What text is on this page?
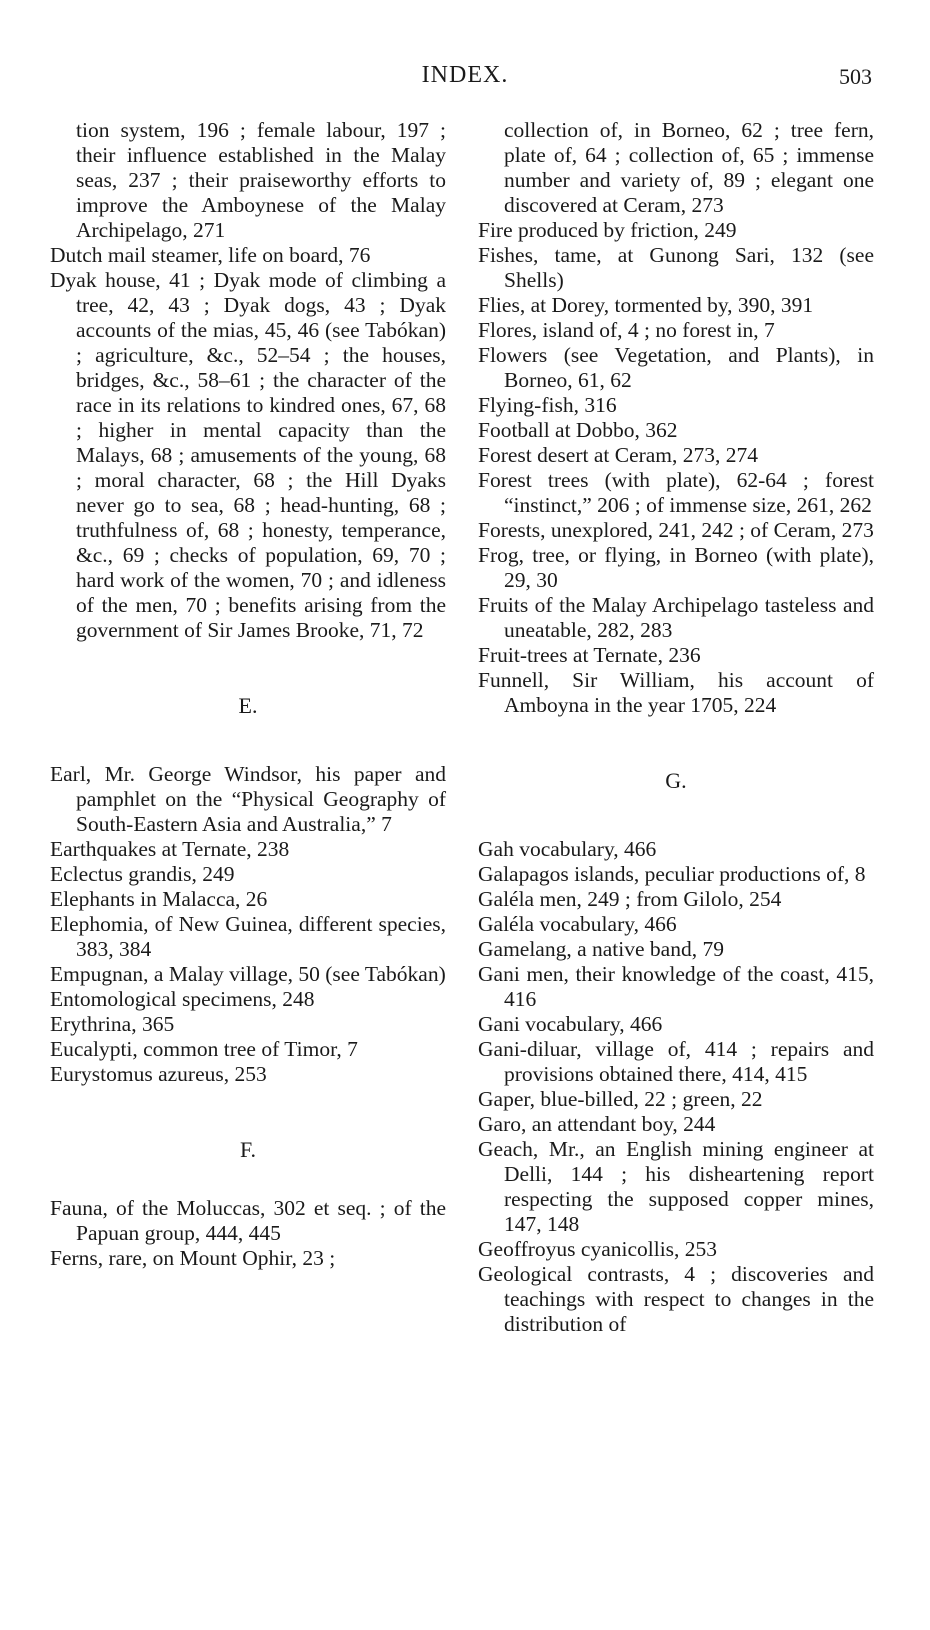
INDEX.	503

tion system, 196 ; female labour, 197 ; their influence established in the Malay seas, 237 ; their praiseworthy efforts to improve the Amboynese of the Malay Archipelago, 271

Dutch mail steamer, life on board, 76

Dyak house, 41 ; Dyak mode of climbing a tree, 42, 43 ; Dyak dogs, 43 ; Dyak accounts of the mias, 45, 46 (see Tabókan) ; agriculture, &c., 52–54 ; the houses, bridges, &c., 58–61 ; the character of the race in its relations to kindred ones, 67, 68 ; higher in mental capacity than the Malays, 68 ; amusements of the young, 68 ; moral character, 68 ; the Hill Dyaks never go to sea, 68 ; head-hunting, 68 ; truthfulness of, 68 ; honesty, temperance, &c., 69 ; checks of population, 69, 70 ; hard work of the women, 70 ; and idleness of the men, 70 ; benefits arising from the government of Sir James Brooke, 71, 72

E.

Earl, Mr. George Windsor, his paper and pamphlet on the “Physical Geography of South-Eastern Asia and Australia,” 7

Earthquakes at Ternate, 238

Eclectus grandis, 249

Elephants in Malacca, 26

Elephomia, of New Guinea, different species, 383, 384

Empugnan, a Malay village, 50 (see Tabókan)

Entomological specimens, 248

Erythrina, 365

Eucalypti, common tree of Timor, 7

Eurystomus azureus, 253

F.

Fauna, of the Moluccas, 302 et seq. ; of the Papuan group, 444, 445

Ferns, rare, on Mount Ophir, 23 ;

collection of, in Borneo, 62 ; tree fern, plate of, 64 ; collection of, 65 ; immense number and variety of, 89 ; elegant one discovered at Ceram, 273

Fire produced by friction, 249

Fishes, tame, at Gunong Sari, 132 (see Shells)

Flies, at Dorey, tormented by, 390, 391

Flores, island of, 4 ; no forest in, 7

Flowers (see Vegetation, and Plants), in Borneo, 61, 62

Flying-fish, 316

Football at Dobbo, 362

Forest desert at Ceram, 273, 274

Forest trees (with plate), 62-64 ; forest “instinct,” 206 ; of immense size, 261, 262

Forests, unexplored, 241, 242 ; of Ceram, 273

Frog, tree, or flying, in Borneo (with plate), 29, 30

Fruits of the Malay Archipelago tasteless and uneatable, 282, 283

Fruit-trees at Ternate, 236

Funnell, Sir William, his account of Amboyna in the year 1705, 224

G.

Gah vocabulary, 466

Galapagos islands, peculiar productions of, 8

Galéla men, 249 ; from Gilolo, 254

Galéla vocabulary, 466

Gamelang, a native band, 79

Gani men, their knowledge of the coast, 415, 416

Gani vocabulary, 466

Gani-diluar, village of, 414 ; repairs and provisions obtained there, 414, 415

Gaper, blue-billed, 22 ; green, 22

Garo, an attendant boy, 244

Geach, Mr., an English mining engineer at Delli, 144 ; his disheartening report respecting the supposed copper mines, 147, 148

Geoffroyus cyanicollis, 253

Geological contrasts, 4 ; discoveries and teachings with respect to changes in the distribution of
